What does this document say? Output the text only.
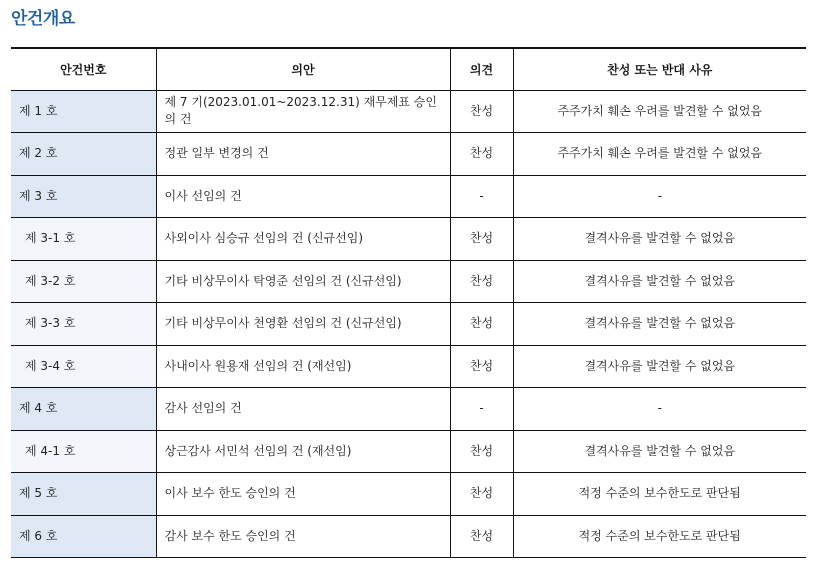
안건개요
안건번호	의안	의견	찬성 또는 반대 사유
제 1 호	제 7 기(2023.01.01~2023.12.31) 재무제표 승인의 건	찬성	주주가치 훼손 우려를 발견할 수 없었음
제 2 호	정관 일부 변경의 건	찬성	주주가치 훼손 우려를 발견할 수 없었음
제 3 호	이사 선임의 건	-	-
제 3-1 호	사외이사 심승규 선임의 건 (신규선임)	찬성	결격사유를 발견할 수 없었음
제 3-2 호	기타 비상무이사 탁영준 선임의 건 (신규선임)	찬성	결격사유를 발견할 수 없었음
제 3-3 호	기타 비상무이사 천영환 선임의 건 (신규선임)	찬성	결격사유를 발견할 수 없었음
제 3-4 호	사내이사 원용재 선임의 건 (재선임)	찬성	결격사유를 발견할 수 없었음
제 4 호	감사 선임의 건	-	-
제 4-1 호	상근감사 서민석 선임의 건 (재선임)	찬성	결격사유를 발견할 수 없었음
제 5 호	이사 보수 한도 승인의 건	찬성	적정 수준의 보수한도로 판단됨
제 6 호	감사 보수 한도 승인의 건	찬성	적정 수준의 보수한도로 판단됨
